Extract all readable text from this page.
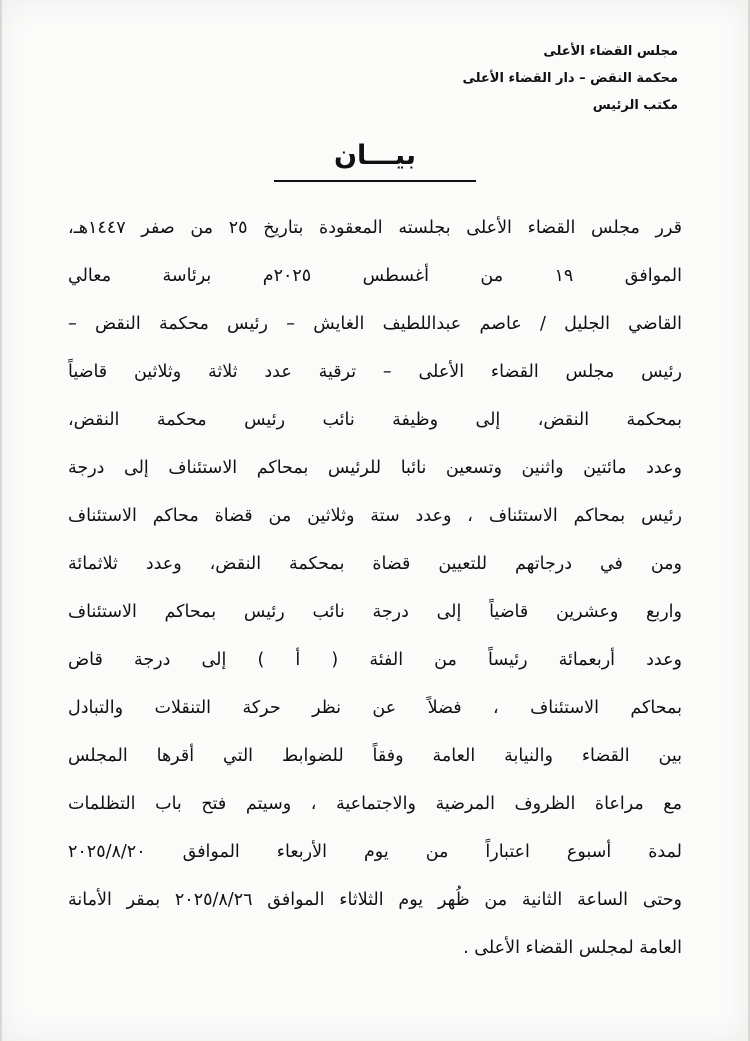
مجلس القضاء الأعلى
محكمة النقض – دار القضاء الأعلى
مكتب الرئيس
بيـــان
قرر مجلس القضاء الأعلى بجلسته المعقودة بتاريخ ٢٥ من صفر ١٤٤٧هـ،
الموافق ١٩ من أغسطس ٢٠٢٥م برئاسة معالي
القاضي الجليل / عاصم عبداللطيف الغايش – رئيس محكمة النقض –
رئيس مجلس القضاء الأعلى – ترقية عدد ثلاثة وثلاثين قاضياً
بمحكمة النقض، إلى وظيفة نائب رئيس محكمة النقض،
وعدد مائتين واثنين وتسعين نائبا للرئيس بمحاكم الاستئناف إلى درجة
رئيس بمحاكم الاستئناف ، وعدد ستة وثلاثين من قضاة محاكم الاستئناف
ومن في درجاتهم للتعيين قضاة بمحكمة النقض، وعدد ثلاثمائة
واربع وعشرين قاضياً إلى درجة نائب رئيس بمحاكم الاستئناف
وعدد أربعمائة رئيساً من الفئة ( أ ) إلى درجة قاض
بمحاكم الاستئناف ، فضلاً عن نظر حركة التنقلات والتبادل
بين القضاء والنيابة العامة وفقاً للضوابط التي أقرها المجلس
مع مراعاة الظروف المرضية والاجتماعية ، وسيتم فتح باب التظلمات
لمدة أسبوع اعتباراً من يوم الأربعاء الموافق ٢٠٢٥/٨/٢٠
وحتى الساعة الثانية من ظُهر يوم الثلاثاء الموافق ٢٠٢٥/٨/٢٦ بمقر الأمانة
العامة لمجلس القضاء الأعلى .
